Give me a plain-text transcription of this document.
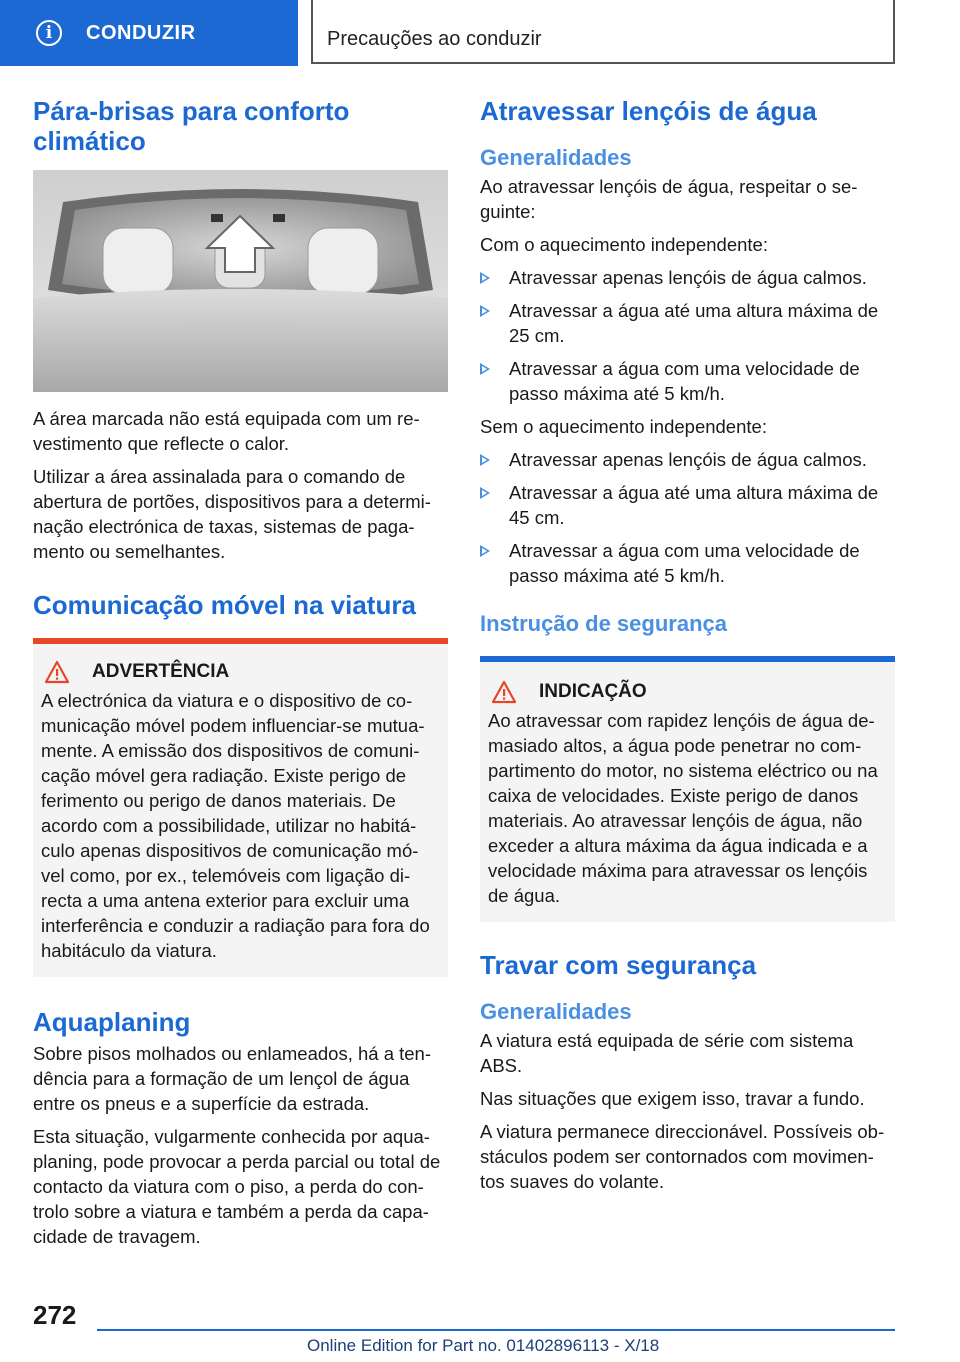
i	CONDUZIR	Precauções ao conduzir
Pára-brisas para conforto climático

A área marcada não está equipada com um re-vestimento que reflecte o calor.

Utilizar a área assinalada para o comando de abertura de portões, dispositivos para a determi-nação electrónica de taxas, sistemas de paga-mento ou semelhantes.

Comunicação móvel na viatura
ADVERTÊNCIA

A electrónica da viatura e o dispositivo de co-municação móvel podem influenciar-se mutua-mente. A emissão dos dispositivos de comuni-cação móvel gera radiação. Existe perigo de ferimento ou perigo de danos materiais. De acordo com a possibilidade, utilizar no habitá-culo apenas dispositivos de comunicação mó-vel como, por ex., telemóveis com ligação di-recta a uma antena exterior para excluir uma interferência e conduzir a radiação para fora do habitáculo da viatura.

Aquaplaning

Sobre pisos molhados ou enlameados, há a ten-dência para a formação de um lençol de água entre os pneus e a superfície da estrada.

Esta situação, vulgarmente conhecida por aqua-planing, pode provocar a perda parcial ou total de contacto da viatura com o piso, a perda do con-trolo sobre a viatura e também a perda da capa-cidade de travagem.

Atravessar lençóis de água
Generalidades

Ao atravessar lençóis de água, respeitar o se-guinte:

Com o aquecimento independente:

Atravessar apenas lençóis de água calmos.
Atravessar a água até uma altura máxima de 25 cm.
Atravessar a água com uma velocidade de passo máxima até 5 km/h.

Sem o aquecimento independente:

Atravessar apenas lençóis de água calmos.
Atravessar a água até uma altura máxima de 45 cm.
Atravessar a água com uma velocidade de passo máxima até 5 km/h.
Instrução de segurança
INDICAÇÃO

Ao atravessar com rapidez lençóis de água de-masiado altos, a água pode penetrar no com-partimento do motor, no sistema eléctrico ou na caixa de velocidades. Existe perigo de danos materiais. Ao atravessar lençóis de água, não exceder a altura máxima da água indicada e a velocidade máxima para atravessar os lençóis de água.

Travar com segurança
Generalidades

A viatura está equipada de série com sistema ABS.

Nas situações que exigem isso, travar a fundo.

A viatura permanece direccionável. Possíveis ob-stáculos podem ser contornados com movimen-tos suaves do volante.

272
Online Edition for Part no. 01402896113 - X/18
